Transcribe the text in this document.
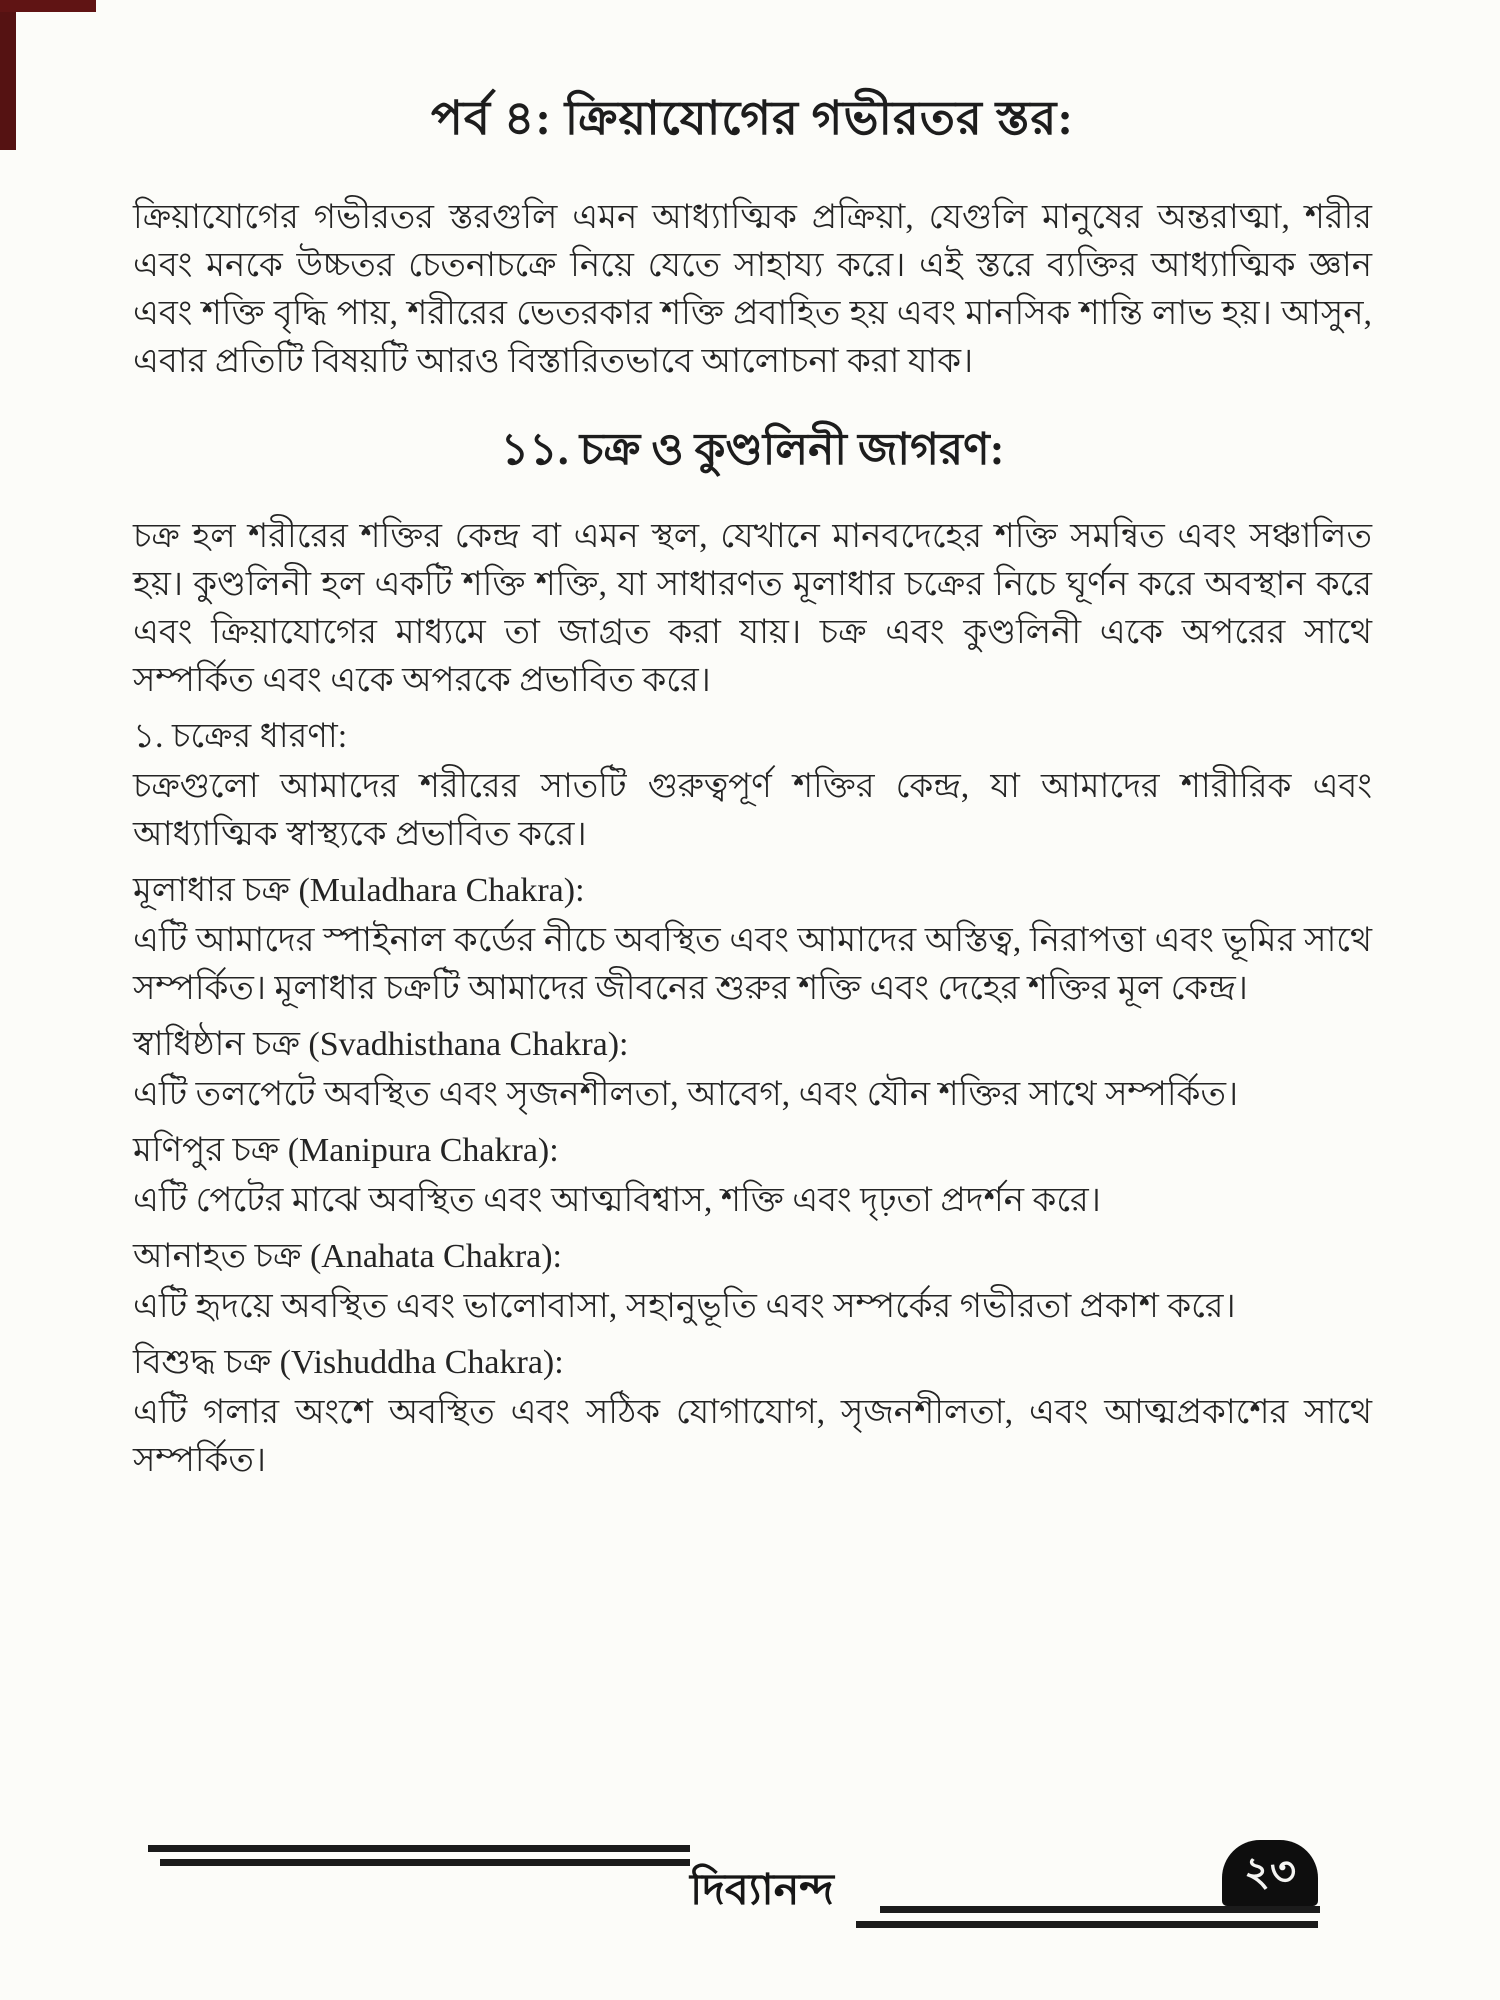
পর্ব ৪: ক্রিয়াযোগের গভীরতর স্তর:

ক্রিয়াযোগের গভীরতর স্তরগুলি এমন আধ্যাত্মিক প্রক্রিয়া, যেগুলি মানুষের অন্তরাত্মা, শরীর এবং মনকে উচ্চতর চেতনাচক্রে নিয়ে যেতে সাহায্য করে। এই স্তরে ব্যক্তির আধ্যাত্মিক জ্ঞান এবং শক্তি বৃদ্ধি পায়, শরীরের ভেতরকার শক্তি প্রবাহিত হয় এবং মানসিক শান্তি লাভ হয়। আসুন, এবার প্রতিটি বিষয়টি আরও বিস্তারিতভাবে আলোচনা করা যাক।

১১. চক্র ও কুণ্ডলিনী জাগরণ:

চক্র হল শরীরের শক্তির কেন্দ্র বা এমন স্থল, যেখানে মানবদেহের শক্তি সমন্বিত এবং সঞ্চালিত হয়। কুণ্ডলিনী হল একটি শক্তি শক্তি, যা সাধারণত মূলাধার চক্রের নিচে ঘূর্ণন করে অবস্থান করে এবং ক্রিয়াযোগের মাধ্যমে তা জাগ্রত করা যায়। চক্র এবং কুণ্ডলিনী একে অপরের সাথে সম্পর্কিত এবং একে অপরকে প্রভাবিত করে।

১. চক্রের ধারণা:

চক্রগুলো আমাদের শরীরের সাতটি গুরুত্বপূর্ণ শক্তির কেন্দ্র, যা আমাদের শারীরিক এবং আধ্যাত্মিক স্বাস্থ্যকে প্রভাবিত করে।

মূলাধার চক্র (Muladhara Chakra):

এটি আমাদের স্পাইনাল কর্ডের নীচে অবস্থিত এবং আমাদের অস্তিত্ব, নিরাপত্তা এবং ভূমির সাথে সম্পর্কিত। মূলাধার চক্রটি আমাদের জীবনের শুরুর শক্তি এবং দেহের শক্তির মূল কেন্দ্র।

স্বাধিষ্ঠান চক্র (Svadhisthana Chakra):

এটি তলপেটে অবস্থিত এবং সৃজনশীলতা, আবেগ, এবং যৌন শক্তির সাথে সম্পর্কিত।

মণিপুর চক্র (Manipura Chakra):

এটি পেটের মাঝে অবস্থিত এবং আত্মবিশ্বাস, শক্তি এবং দৃঢ়তা প্রদর্শন করে।

আনাহত চক্র (Anahata Chakra):

এটি হৃদয়ে অবস্থিত এবং ভালোবাসা, সহানুভূতি এবং সম্পর্কের গভীরতা প্রকাশ করে।

বিশুদ্ধ চক্র (Vishuddha Chakra):

এটি গলার অংশে অবস্থিত এবং সঠিক যোগাযোগ, সৃজনশীলতা, এবং আত্মপ্রকাশের সাথে সম্পর্কিত।

দিব্যানন্দ	২৩
